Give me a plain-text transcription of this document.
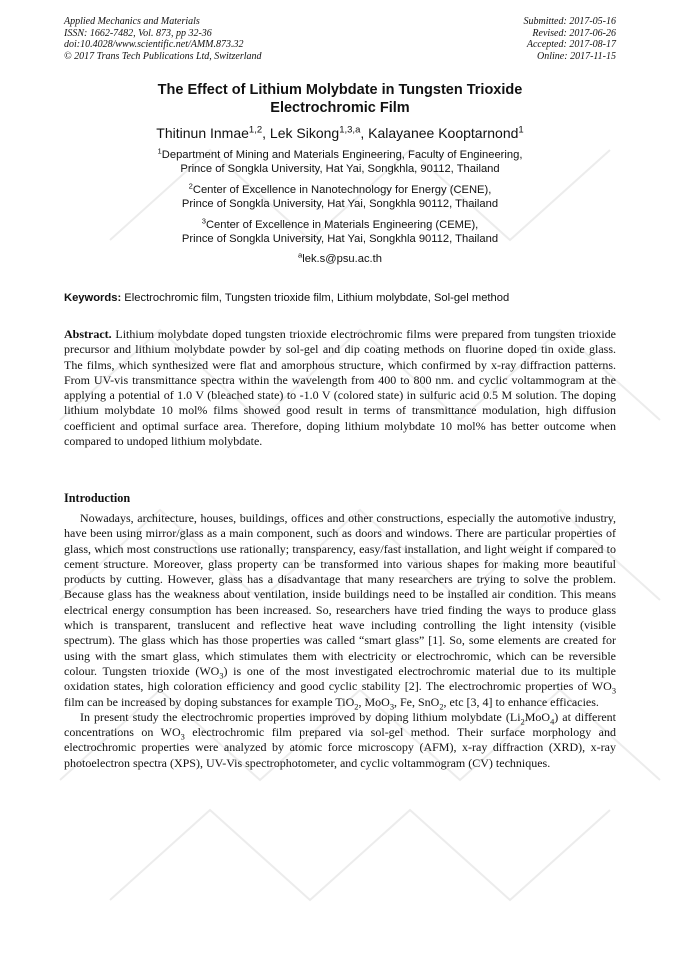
Applied Mechanics and Materials
ISSN: 1662-7482, Vol. 873, pp 32-36
doi:10.4028/www.scientific.net/AMM.873.32
© 2017 Trans Tech Publications Ltd, Switzerland
Submitted: 2017-05-16
Revised: 2017-06-26
Accepted: 2017-08-17
Online: 2017-11-15
The Effect of Lithium Molybdate in Tungsten Trioxide
Electrochromic Film
Thitinun Inmae$^{1,2}$, Lek Sikong$^{1,3,a}$, Kalayanee Kooptarnond$^1$
$^1$Department of Mining and Materials Engineering, Faculty of Engineering,
Prince of Songkla University, Hat Yai, Songkhla, 90112, Thailand
$^2$Center of Excellence in Nanotechnology for Energy (CENE),
Prince of Songkla University, Hat Yai, Songkhla 90112, Thailand
$^3$Center of Excellence in Materials Engineering (CEME),
Prince of Songkla University, Hat Yai, Songkhla 90112, Thailand
$^a$lek.s@psu.ac.th
Keywords: Electrochromic film, Tungsten trioxide film, Lithium molybdate, Sol-gel method

Abstract. Lithium molybdate doped tungsten trioxide electrochromic films were prepared from tungsten trioxide precursor and lithium molybdate powder by sol-gel and dip coating methods on fluorine doped tin oxide glass. The films, which synthesized were flat and amorphous structure, which confirmed by x-ray diffraction patterns. From UV-vis transmittance spectra within the wavelength from 400 to 800 nm. and cyclic voltammogram at the applying a potential of 1.0 V (bleached state) to -1.0 V (colored state) in sulfuric acid 0.5 M solution. The doping lithium molybdate 10 mol% films showed good result in terms of transmittance modulation, high diffusion coefficient and optimal surface area. Therefore, doping lithium molybdate 10 mol% has better outcome when compared to undoped lithium molybdate.

Introduction

Nowadays, architecture, houses, buildings, offices and other constructions, especially the automotive industry, have been using mirror/glass as a main component, such as doors and windows. There are particular properties of glass, which most constructions use rationally; transparency, easy/fast installation, and light weight if compared to cement structure. Moreover, glass property can be transformed into various shapes for making more beautiful products by cutting. However, glass has a disadvantage that many researchers are trying to solve the problem. Because glass has the weakness about ventilation, inside buildings need to be installed air condition. This means electrical energy consumption has been increased. So, researchers have tried finding the ways to produce glass which is transparent, translucent and reflective heat wave including controlling the light intensity (visible spectrum). The glass which has those properties was called “smart glass” [1]. So, some elements are created for using with the smart glass, which stimulates them with electricity or electrochromic, which can be reversible colour. Tungsten trioxide $(WO_3)$ is one of the most investigated electrochromic material due to its multiple oxidation states, high coloration efficiency and good cyclic stability [2]. The electrochromic properties of $WO_3$ film can be increased by doping substances for example TiO$_2$, MoO$_3$, Fe, SnO$_2$, etc [3, 4] to enhance efficacies.

In present study the electrochromic properties improved by doping lithium molybdate $(Li_2MoO_4)$ at different concentrations on $WO_3$ electrochromic film prepared via sol-gel method. Their surface morphology and electrochromic properties were analyzed by atomic force microscopy (AFM), x-ray diffraction (XRD), x-ray photoelectron spectra (XPS), UV-Vis spectrophotometer, and cyclic voltammogram (CV) techniques.
